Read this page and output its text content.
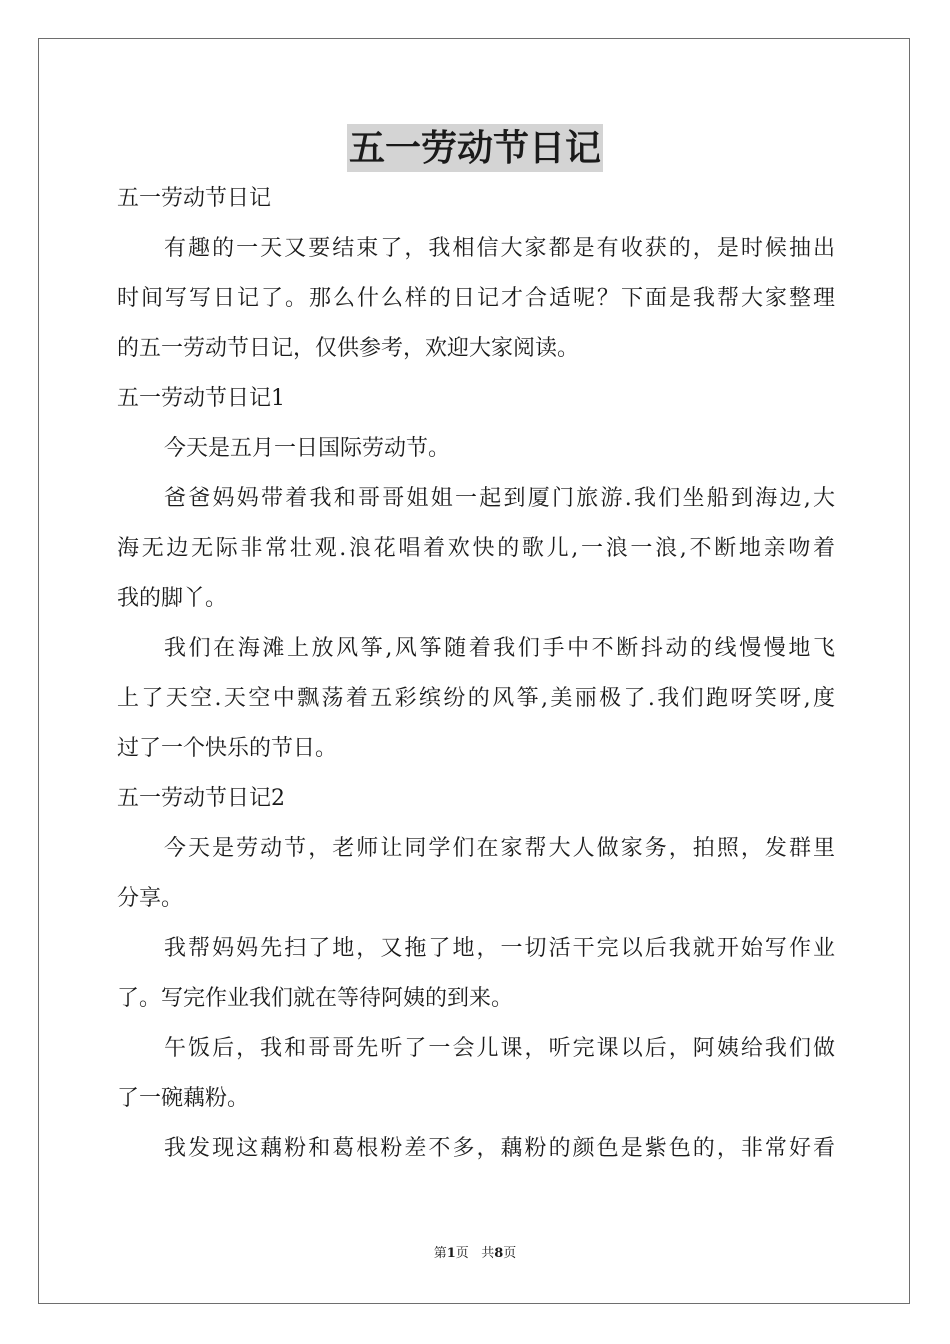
五一劳动节日记
五一劳动节日记
有趣的一天又要结束了，我相信大家都是有收获的，是时候抽出
时间写写日记了。那么什么样的日记才合适呢？下面是我帮大家整理
的五一劳动节日记，仅供参考，欢迎大家阅读。
五一劳动节日记1
今天是五月一日国际劳动节。
爸爸妈妈带着我和哥哥姐姐一起到厦门旅游.我们坐船到海边,大
海无边无际非常壮观.浪花唱着欢快的歌儿,一浪一浪,不断地亲吻着
我的脚丫。
我们在海滩上放风筝,风筝随着我们手中不断抖动的线慢慢地飞
上了天空.天空中飘荡着五彩缤纷的风筝,美丽极了.我们跑呀笑呀,度
过了一个快乐的节日。
五一劳动节日记2
今天是劳动节，老师让同学们在家帮大人做家务，拍照，发群里
分享。
我帮妈妈先扫了地，又拖了地，一切活干完以后我就开始写作业
了。写完作业我们就在等待阿姨的到来。
午饭后，我和哥哥先听了一会儿课，听完课以后，阿姨给我们做
了一碗藕粉。
我发现这藕粉和葛根粉差不多，藕粉的颜色是紫色的，非常好看
第1页 共8页
